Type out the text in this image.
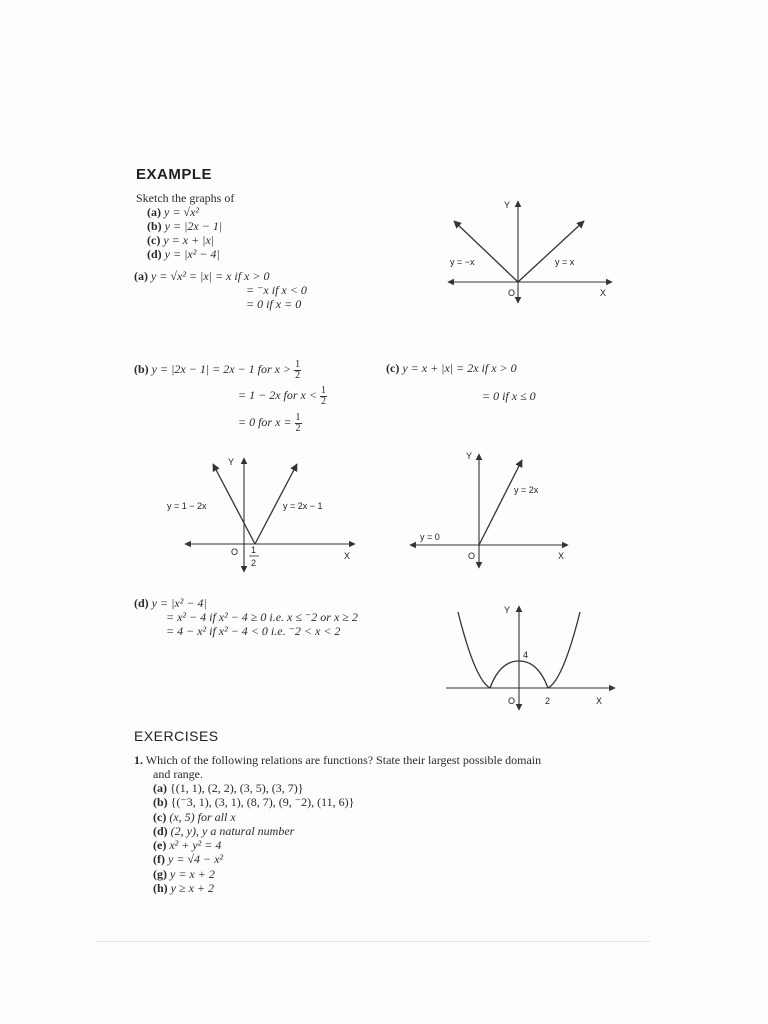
EXAMPLE
Sketch the graphs of
(a) y = √x²
(b) y = |2x − 1|
(c) y = x + |x|
(d) y = |x² − 4|
(a) y = √x² = |x| = x if x > 0
= ⁻x if x < 0
= 0 if x = 0
Y
X
O
y = −x	y = x
(b) y = |2x − 1| = 2x − 1 for $x > \frac{1}{2}$
= 1 − 2x for $x < \frac{1}{2}$
= 0 for $x = \frac{1}{2}$
(c) y = x + |x| = 2x if x > 0
= 0 if x ≤ 0
Y
X
O 1
2
y = 1 − 2x	y = 2x − 1
Y
X
O
y = 0
y = 2x
(d) y = |x² − 4|
= x² − 4 if x² − 4 ≥ 0 i.e. x ≤ ⁻2 or x ≥ 2
= 4 − x² if x² − 4 < 0 i.e. ⁻2 < x < 2
Y
X
O
4
2
EXERCISES
1. Which of the following relations are functions? State their largest possible domain
and range.
(a) {(1, 1), (2, 2), (3, 5), (3, 7)}
(b) {(⁻3, 1), (3, 1), (8, 7), (9, ⁻2), (11, 6)}
(c) (x, 5) for all x
(d) (2, y), y a natural number
(e) x² + y² = 4
(f) y = √4 − x²
(g) y = x + 2
(h) y ≥ x + 2
